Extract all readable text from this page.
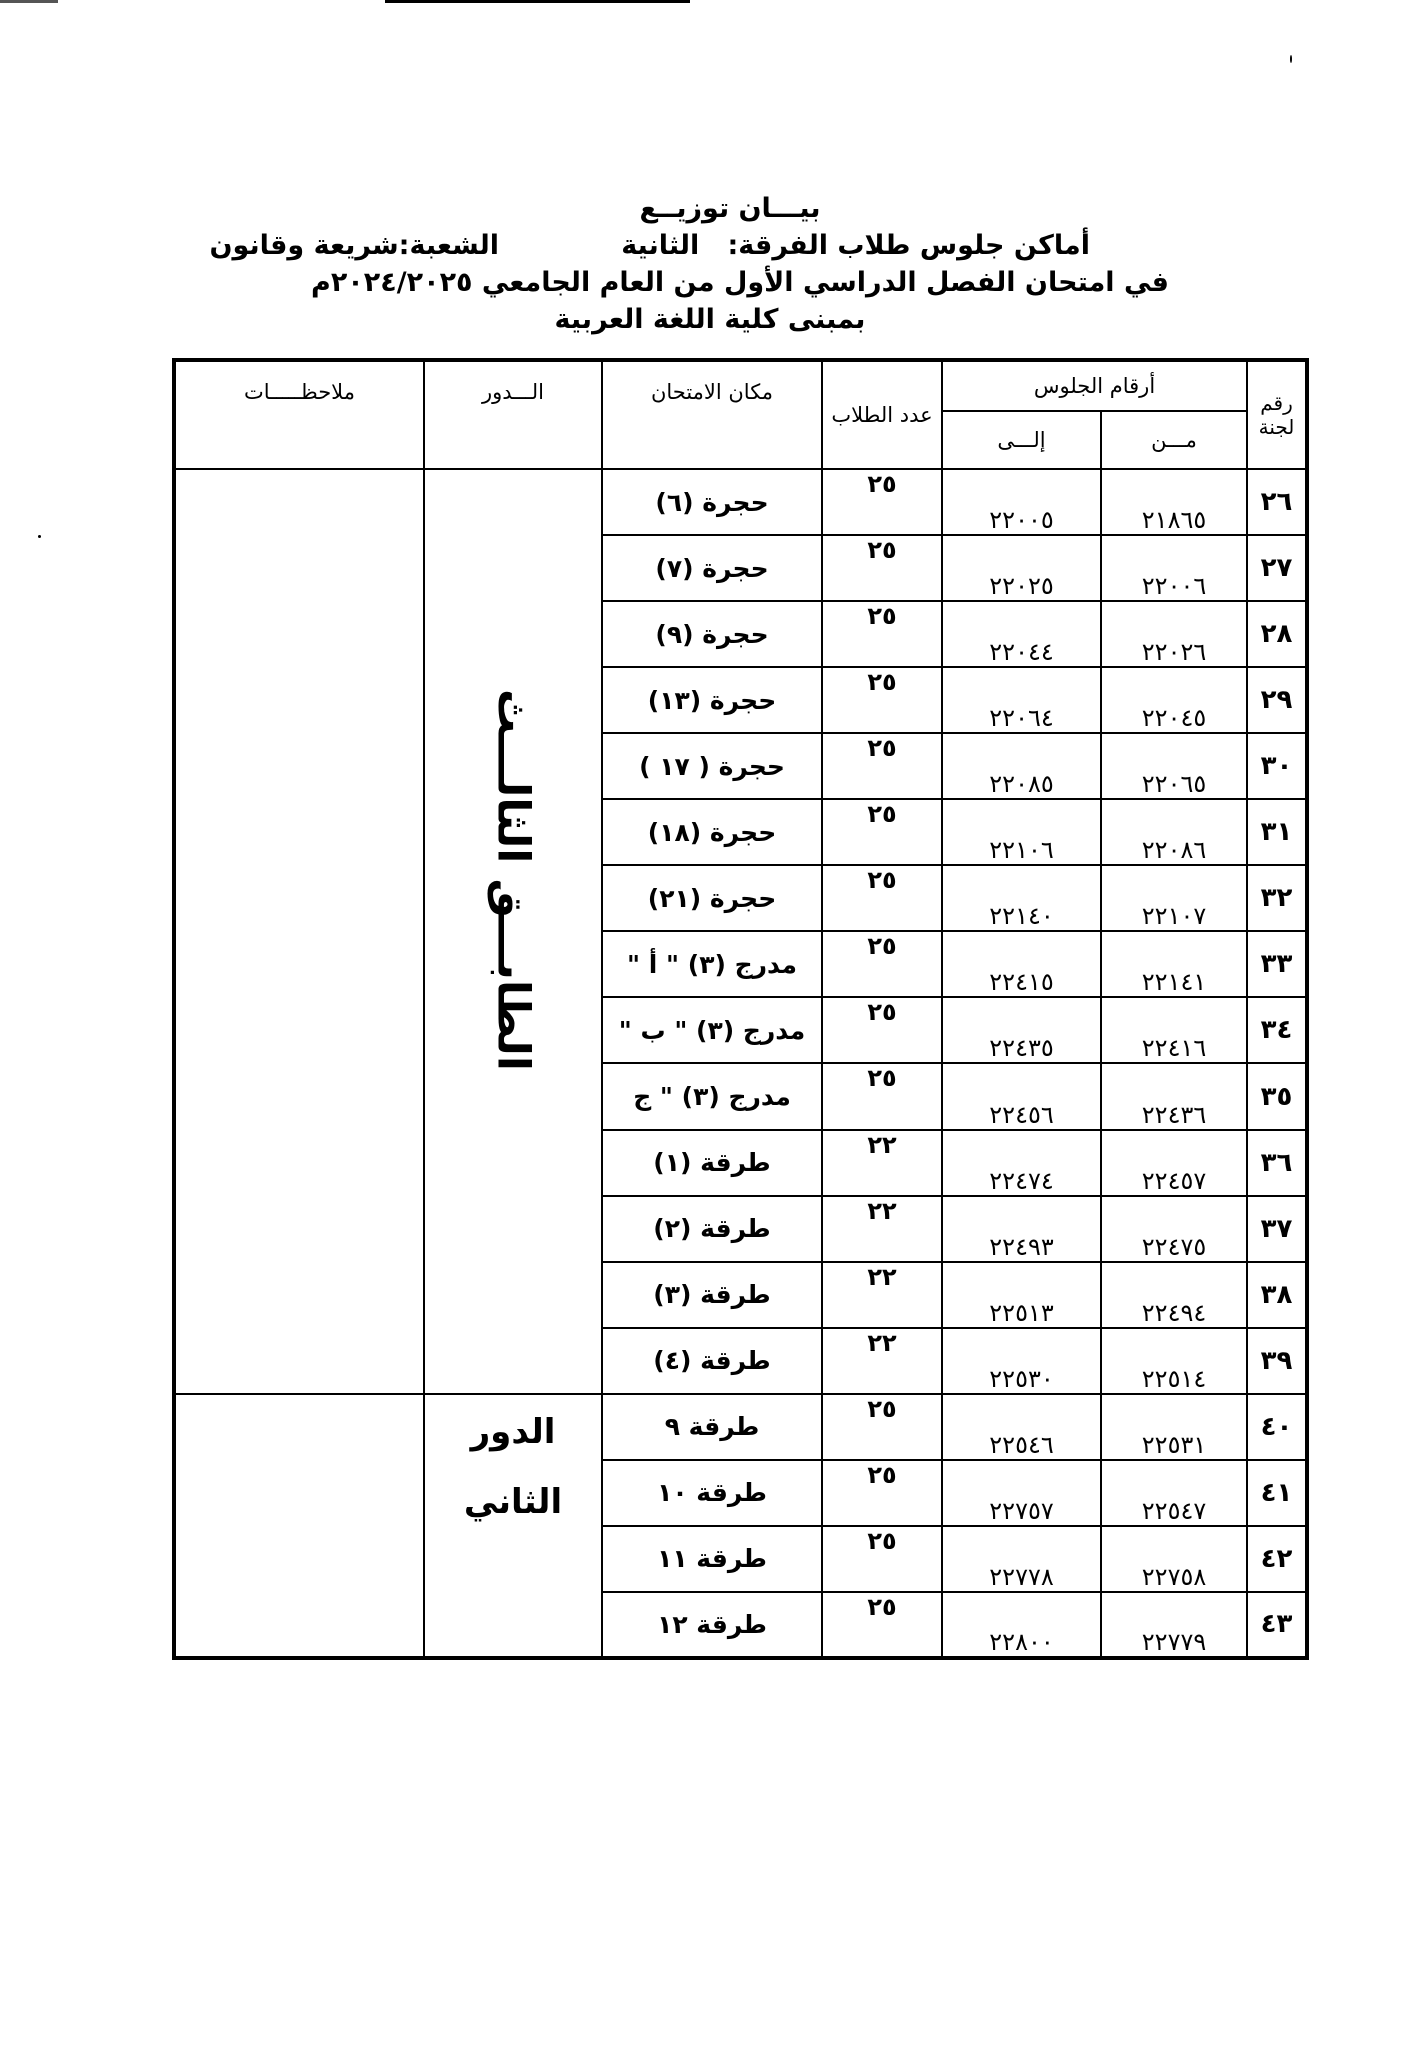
بيـــان توزيــع
أماكن جلوس طلاب الفرقة:   الثانية             الشعبة:شريعة وقانون
في امتحان الفصل الدراسي الأول من العام الجامعي ٢٠٢٤/٢٠٢٥م
بمبنى كلية اللغة العربية
رقم لجنة	أرقام الجلوس		عدد الطلاب	مكان الامتحان	الـــدور	ملاحظـــــات
	مـــن	إلـــى				
٢٦	٢١٨٦٥	٢٢٠٠٥	٢٥	حجرة (٦)	الطابـــق الثالـــث	

٢٧	٢٢٠٠٦	٢٢٠٢٥	٢٥	حجرة (٧)		
٢٨	٢٢٠٢٦	٢٢٠٤٤	٢٥	حجرة (٩)		
٢٩	٢٢٠٤٥	٢٢٠٦٤	٢٥	حجرة (١٣)		
٣٠	٢٢٠٦٥	٢٢٠٨٥	٢٥	حجرة ( ١٧ )		
٣١	٢٢٠٨٦	٢٢١٠٦	٢٥	حجرة (١٨)		
٣٢	٢٢١٠٧	٢٢١٤٠	٢٥	حجرة (٢١)		
٣٣	٢٢١٤١	٢٢٤١٥	٢٥	مدرج (٣) " أ "		
٣٤	٢٢٤١٦	٢٢٤٣٥	٢٥	مدرج (٣) " ب "		
٣٥	٢٢٤٣٦	٢٢٤٥٦	٢٥	مدرج (٣) " ج		
٣٦	٢٢٤٥٧	٢٢٤٧٤	٢٢	طرقة (١)		
٣٧	٢٢٤٧٥	٢٢٤٩٣	٢٢	طرقة (٢)		
٣٨	٢٢٤٩٤	٢٢٥١٣	٢٢	طرقة (٣)		
٣٩	٢٢٥١٤	٢٢٥٣٠	٢٢	طرقة (٤)		
٤٠	٢٢٥٣١	٢٢٥٤٦	٢٥	طرقة ٩	الدور
الثاني	

٤١	٢٢٥٤٧	٢٢٧٥٧	٢٥	طرقة ١٠		
٤٢	٢٢٧٥٨	٢٢٧٧٨	٢٥	طرقة ١١		
٤٣	٢٢٧٧٩	٢٢٨٠٠	٢٥	طرقة ١٢		
